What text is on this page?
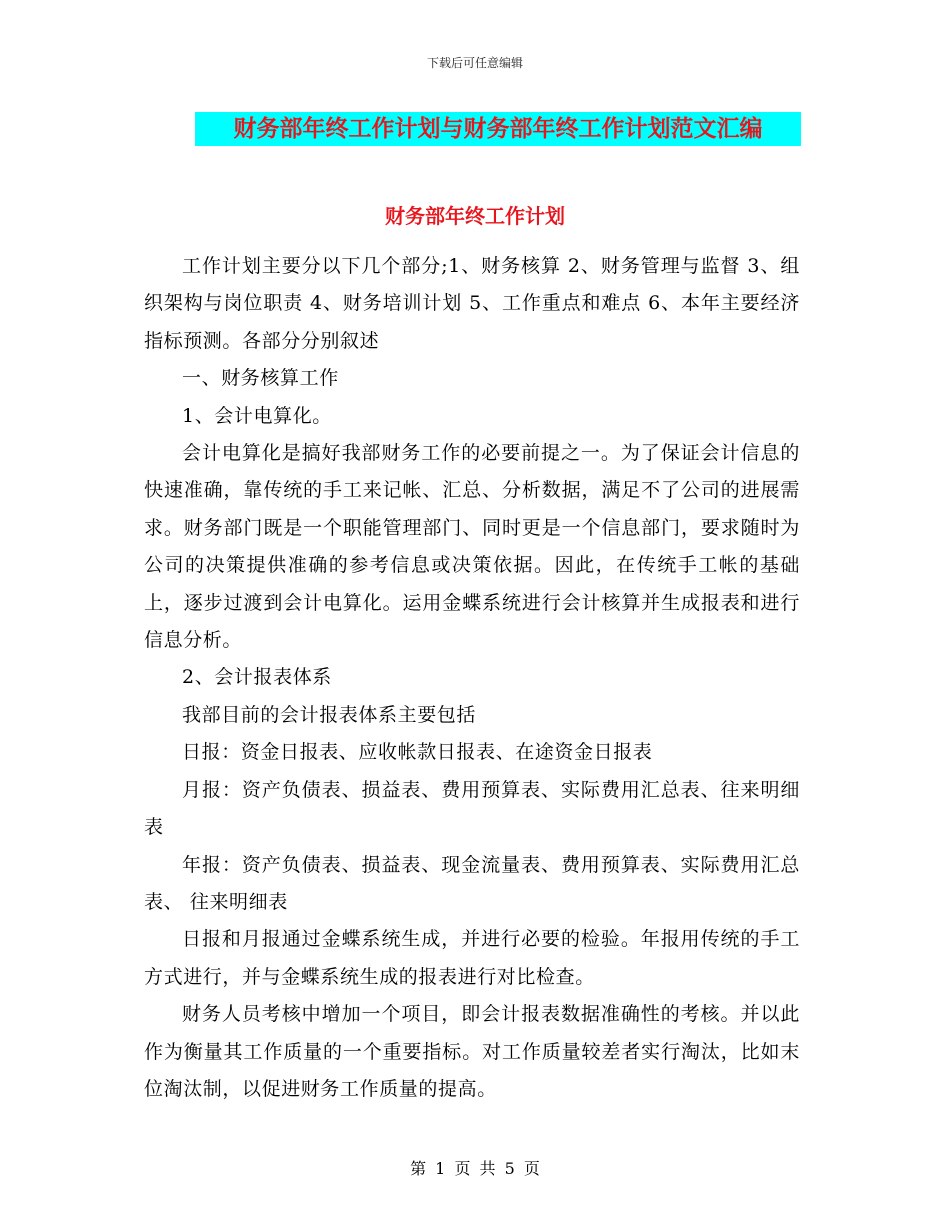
下载后可任意编辑
财务部年终工作计划与财务部年终工作计划范文汇编
财务部年终工作计划

工作计划主要分以下几个部分;1、财务核算 2、财务管理与监督 3、组织架构与岗位职责 4、财务培训计划 5、工作重点和难点 6、本年主要经济指标预测。各部分分别叙述

一、财务核算工作

1、会计电算化。

会计电算化是搞好我部财务工作的必要前提之一。为了保证会计信息的快速准确，靠传统的手工来记帐、汇总、分析数据，满足不了公司的进展需求。财务部门既是一个职能管理部门、同时更是一个信息部门，要求随时为公司的决策提供准确的参考信息或决策依据。因此，在传统手工帐的基础上，逐步过渡到会计电算化。运用金蝶系统进行会计核算并生成报表和进行信息分析。

2、会计报表体系

我部目前的会计报表体系主要包括

日报：资金日报表、应收帐款日报表、在途资金日报表

月报：资产负债表、损益表、费用预算表、实际费用汇总表、往来明细表

年报：资产负债表、损益表、现金流量表、费用预算表、实际费用汇总表、 往来明细表

日报和月报通过金蝶系统生成，并进行必要的检验。年报用传统的手工方式进行，并与金蝶系统生成的报表进行对比检查。

财务人员考核中增加一个项目，即会计报表数据准确性的考核。并以此作为衡量其工作质量的一个重要指标。对工作质量较差者实行淘汰，比如末位淘汰制，以促进财务工作质量的提高。

第 1 页 共 5 页
